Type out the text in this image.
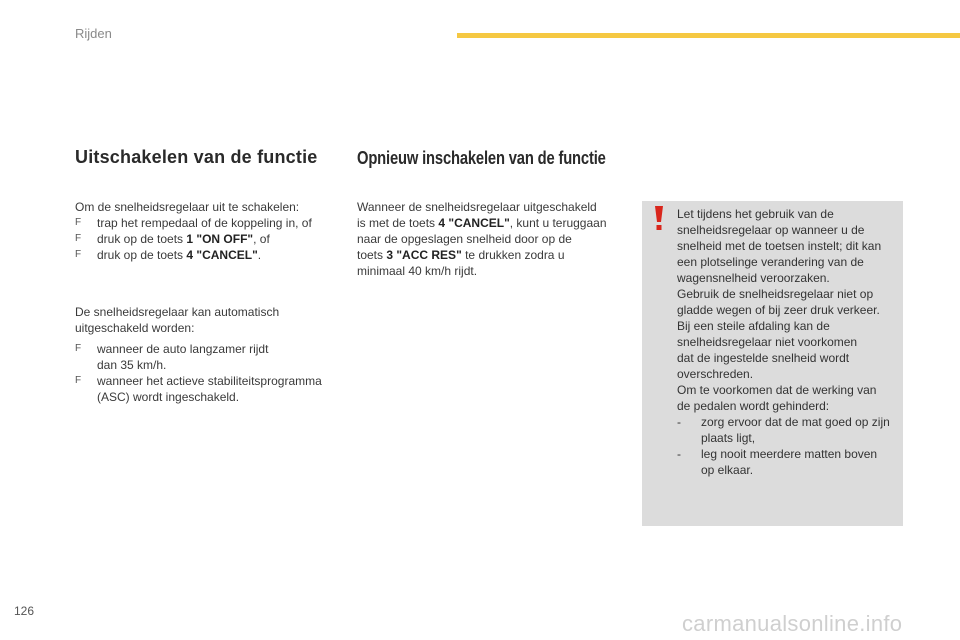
Rijden
Uitschakelen van de functie
Om de snelheidsregelaar uit te schakelen:
F	trap het rempedaal of de koppeling in, of
F	druk op de toets 1 "ON OFF", of
F	druk op de toets 4 "CANCEL".
De snelheidsregelaar kan automatisch
uitgeschakeld worden:
F	wanneer de auto langzamer rijdt
dan 35 km/h.
F	wanneer het actieve stabiliteitsprogramma
(ASC) wordt ingeschakeld.
Opnieuw inschakelen van de functie
Wanneer de snelheidsregelaar uitgeschakeld
is met de toets 4 "CANCEL", kunt u teruggaan
naar de opgeslagen snelheid door op de
toets 3 "ACC RES" te drukken zodra u
minimaal 40 km/h rijdt.
Let tijdens het gebruik van de
snelheidsregelaar op wanneer u de
snelheid met de toetsen instelt; dit kan
een plotselinge verandering van de
wagensnelheid veroorzaken.
Gebruik de snelheidsregelaar niet op
gladde wegen of bij zeer druk verkeer.
Bij een steile afdaling kan de
snelheidsregelaar niet voorkomen
dat de ingestelde snelheid wordt
overschreden.
Om te voorkomen dat de werking van
de pedalen wordt gehinderd:
- zorg ervoor dat de mat goed op zijn
plaats ligt,
- leg nooit meerdere matten boven
op elkaar.
126	carmanualsonline.info
